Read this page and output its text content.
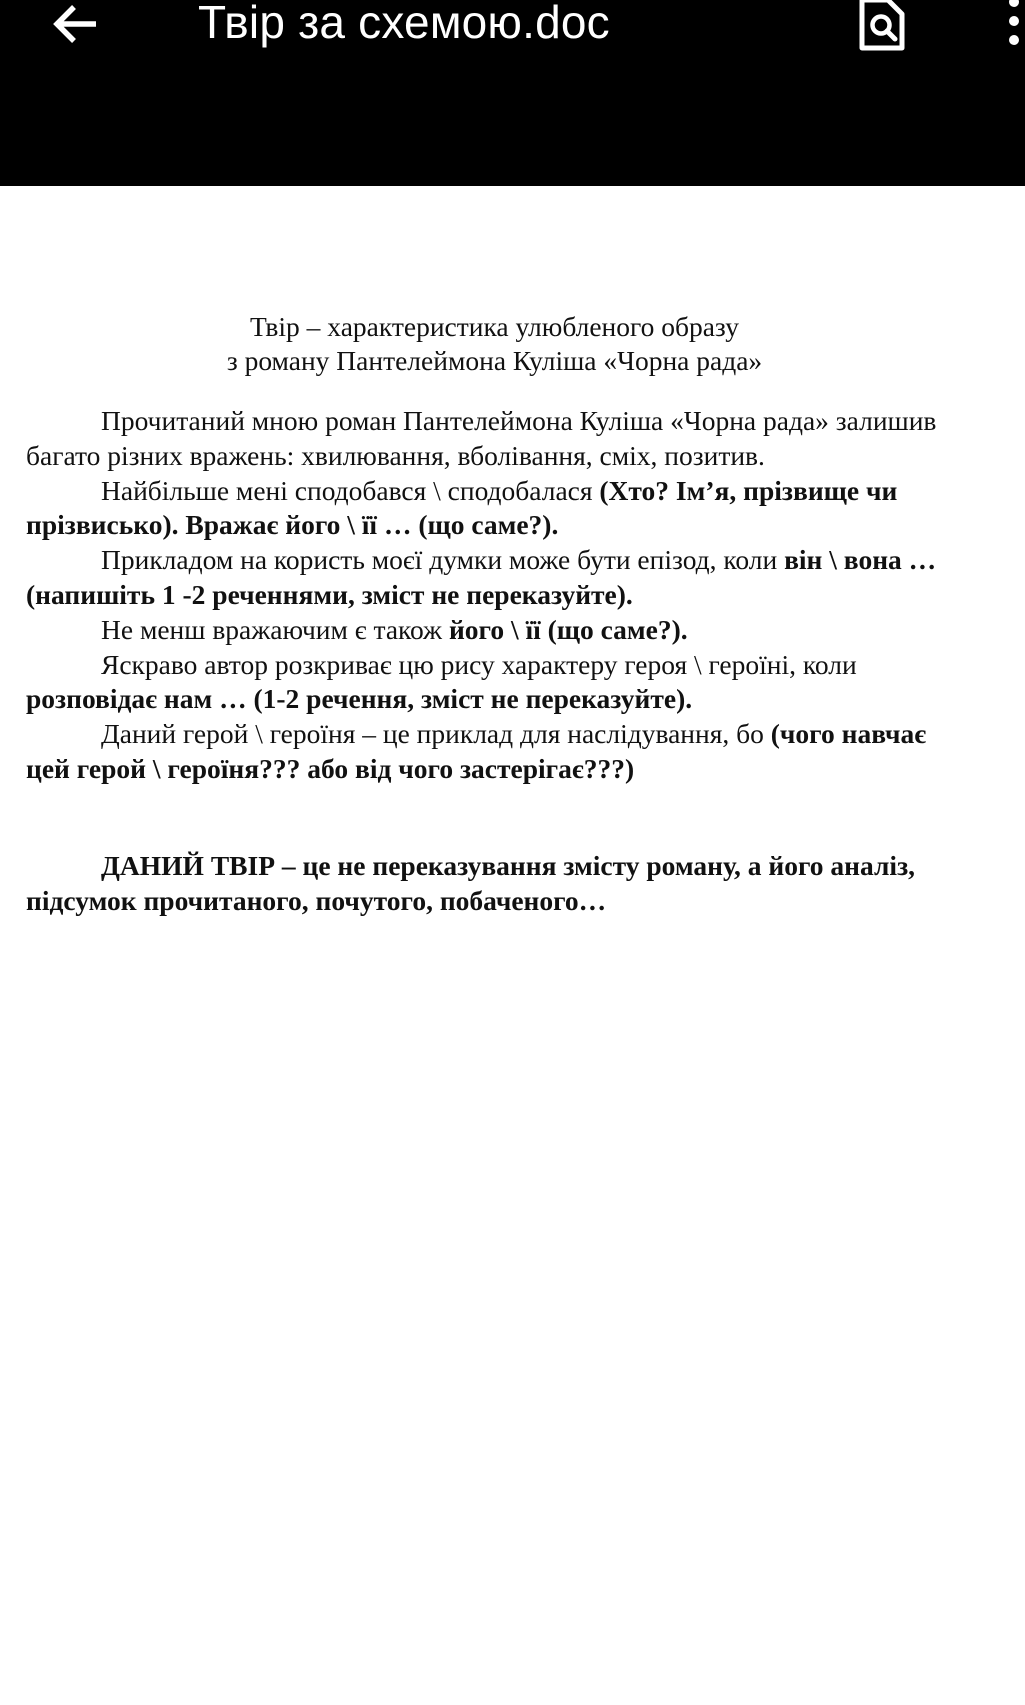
Твір за схемою.doc
Твір – характеристика улюбленого образу
з роману Пантелеймона Куліша «Чорна рада»

Прочитаний мною роман Пантелеймона Куліша «Чорна рада» залишив
багато різних вражень: хвилювання, вболівання, сміх, позитив.

Найбільше мені сподобався \ сподобалася (Хто? Ім’я, прізвище чи
прізвисько). Вражає його \ її … (що саме?).

Прикладом на користь моєї думки може бути епізод, коли він \ вона …
(напишіть 1 -2 реченнями, зміст не переказуйте).

Не менш вражаючим є також його \ її (що саме?).

Яскраво автор розкриває цю рису характеру героя \ героїні, коли
розповідає нам … (1-2 речення, зміст не переказуйте).

Даний герой \ героїня – це приклад для наслідування, бо (чого навчає
цей герой \ героїня??? або від чого застерігає???)

ДАНИЙ ТВІР – це не переказування змісту роману, а його аналіз,
підсумок прочитаного, почутого, побаченого…
